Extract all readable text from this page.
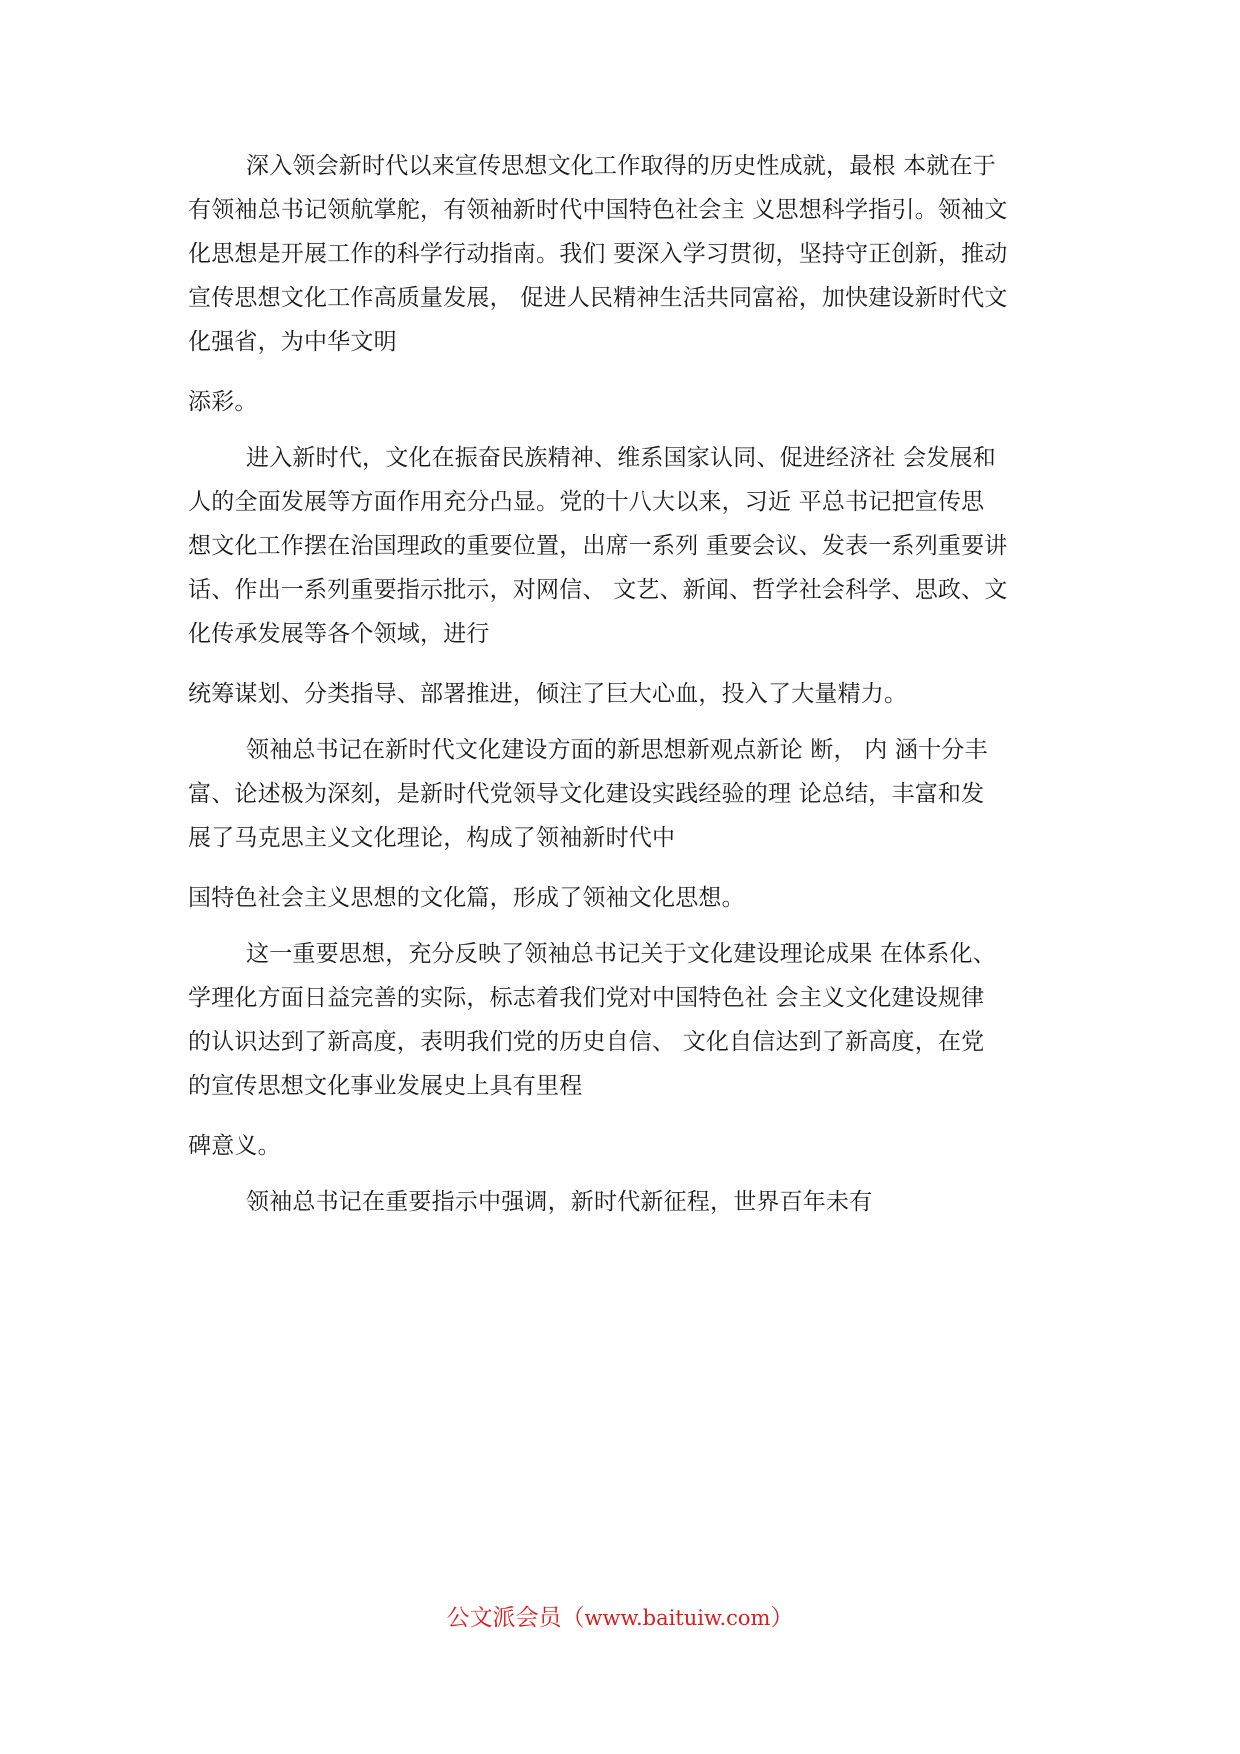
深入领会新时代以来宣传思想文化工作取得的历史性成就，最根 本就在于
有领袖总书记领航掌舵，有领袖新时代中国特色社会主 义思想科学指引。领袖文
化思想是开展工作的科学行动指南。我们 要深入学习贯彻，坚持守正创新，推动
宣传思想文化工作高质量发展， 促进人民精神生活共同富裕，加快建设新时代文
化强省，为中华文明
添彩。
进入新时代，文化在振奋民族精神、维系国家认同、促进经济社 会发展和
人的全面发展等方面作用充分凸显。党的十八大以来，习近 平总书记把宣传思
想文化工作摆在治国理政的重要位置，出席一系列 重要会议、发表一系列重要讲
话、作出一系列重要指示批示，对网信、 文艺、新闻、哲学社会科学、思政、文
化传承发展等各个领域，进行
统筹谋划、分类指导、部署推进，倾注了巨大心血，投入了大量精力。
领袖总书记在新时代文化建设方面的新思想新观点新论 断， 内 涵十分丰
富、论述极为深刻，是新时代党领导文化建设实践经验的理 论总结，丰富和发
展了马克思主义文化理论，构成了领袖新时代中
国特色社会主义思想的文化篇，形成了领袖文化思想。
这一重要思想，充分反映了领袖总书记关于文化建设理论成果 在体系化、
学理化方面日益完善的实际，标志着我们党对中国特色社 会主义文化建设规律
的认识达到了新高度，表明我们党的历史自信、 文化自信达到了新高度，在党
的宣传思想文化事业发展史上具有里程
碑意义。
领袖总书记在重要指示中强调，新时代新征程，世界百年未有
公文派会员（www.baituiw.com）
